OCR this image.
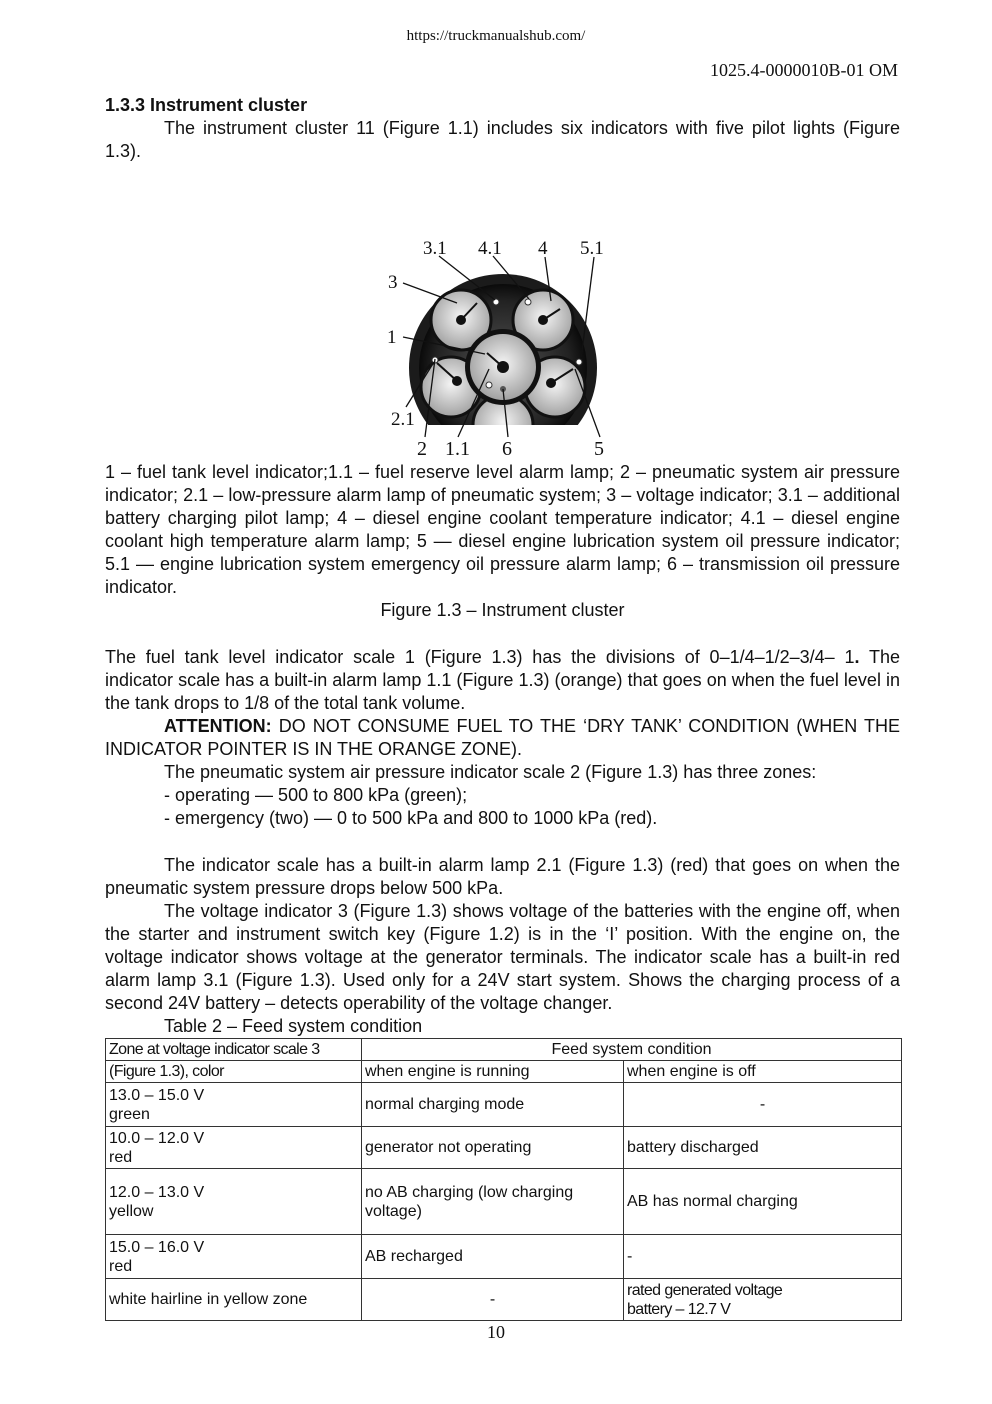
https://truckmanualshub.com/
1025.4-0000010B-01 OM

1.3.3 Instrument cluster

The instrument cluster 11 (Figure 1.1) includes six indicators with five pilot lights (Figure 1.3).

3.1 4.1 4 5.1
3
1
2.1
2 1.1 6	5

1 – fuel tank level indicator;1.1 – fuel reserve level alarm lamp; 2 – pneumatic system air pressure indicator; 2.1 – low-pressure alarm lamp of pneumatic system; 3 – voltage indicator; 3.1 – additional battery charging pilot lamp; 4 – diesel engine coolant temperature indicator; 4.1 – diesel engine coolant high temperature alarm lamp; 5 — diesel engine lubrication system oil pressure indicator; 5.1 — engine lubrication system emergency oil pressure alarm lamp; 6 – transmission oil pressure indicator.

Figure 1.3 – Instrument cluster

The fuel tank level indicator scale 1 (Figure 1.3) has the divisions of 0–1/4–1/2–3/4– 1. The indicator scale has a built-in alarm lamp 1.1 (Figure 1.3) (orange) that goes on when the fuel level in the tank drops to 1/8 of the total tank volume.

ATTENTION: DO NOT CONSUME FUEL TO THE ‘DRY TANK’ CONDITION (WHEN THE INDICATOR POINTER IS IN THE ORANGE ZONE).

The pneumatic system air pressure indicator scale 2 (Figure 1.3) has three zones:

- operating — 500 to 800 kPa (green);

- emergency (two) — 0 to 500 kPa and 800 to 1000 kPa (red).

The indicator scale has a built-in alarm lamp 2.1 (Figure 1.3) (red) that goes on when the pneumatic system pressure drops below 500 kPa.

The voltage indicator 3 (Figure 1.3) shows voltage of the batteries with the engine off, when the starter and instrument switch key (Figure 1.2) is in the ‘I’ position. With the engine on, the voltage indicator shows voltage at the generator terminals. The indicator scale has a built-in red alarm lamp 3.1 (Figure 1.3). Used only for a 24V start system. Shows the charging process of a second 24V battery – detects operability of the voltage changer.

Table 2 – Feed system condition

Zone at voltage indicator scale 3	Feed system condition	
(Figure 1.3), color	when engine is running	when engine is off
13.0 – 15.0 V
green	normal charging mode	-
10.0 – 12.0 V
red	generator not operating	battery discharged
12.0 – 13.0 V
yellow	no AB charging (low charging voltage)	AB has normal charging
15.0 – 16.0 V
red	AB recharged	-
white hairline in yellow zone	-	rated generated voltage
battery – 12.7 V
10
